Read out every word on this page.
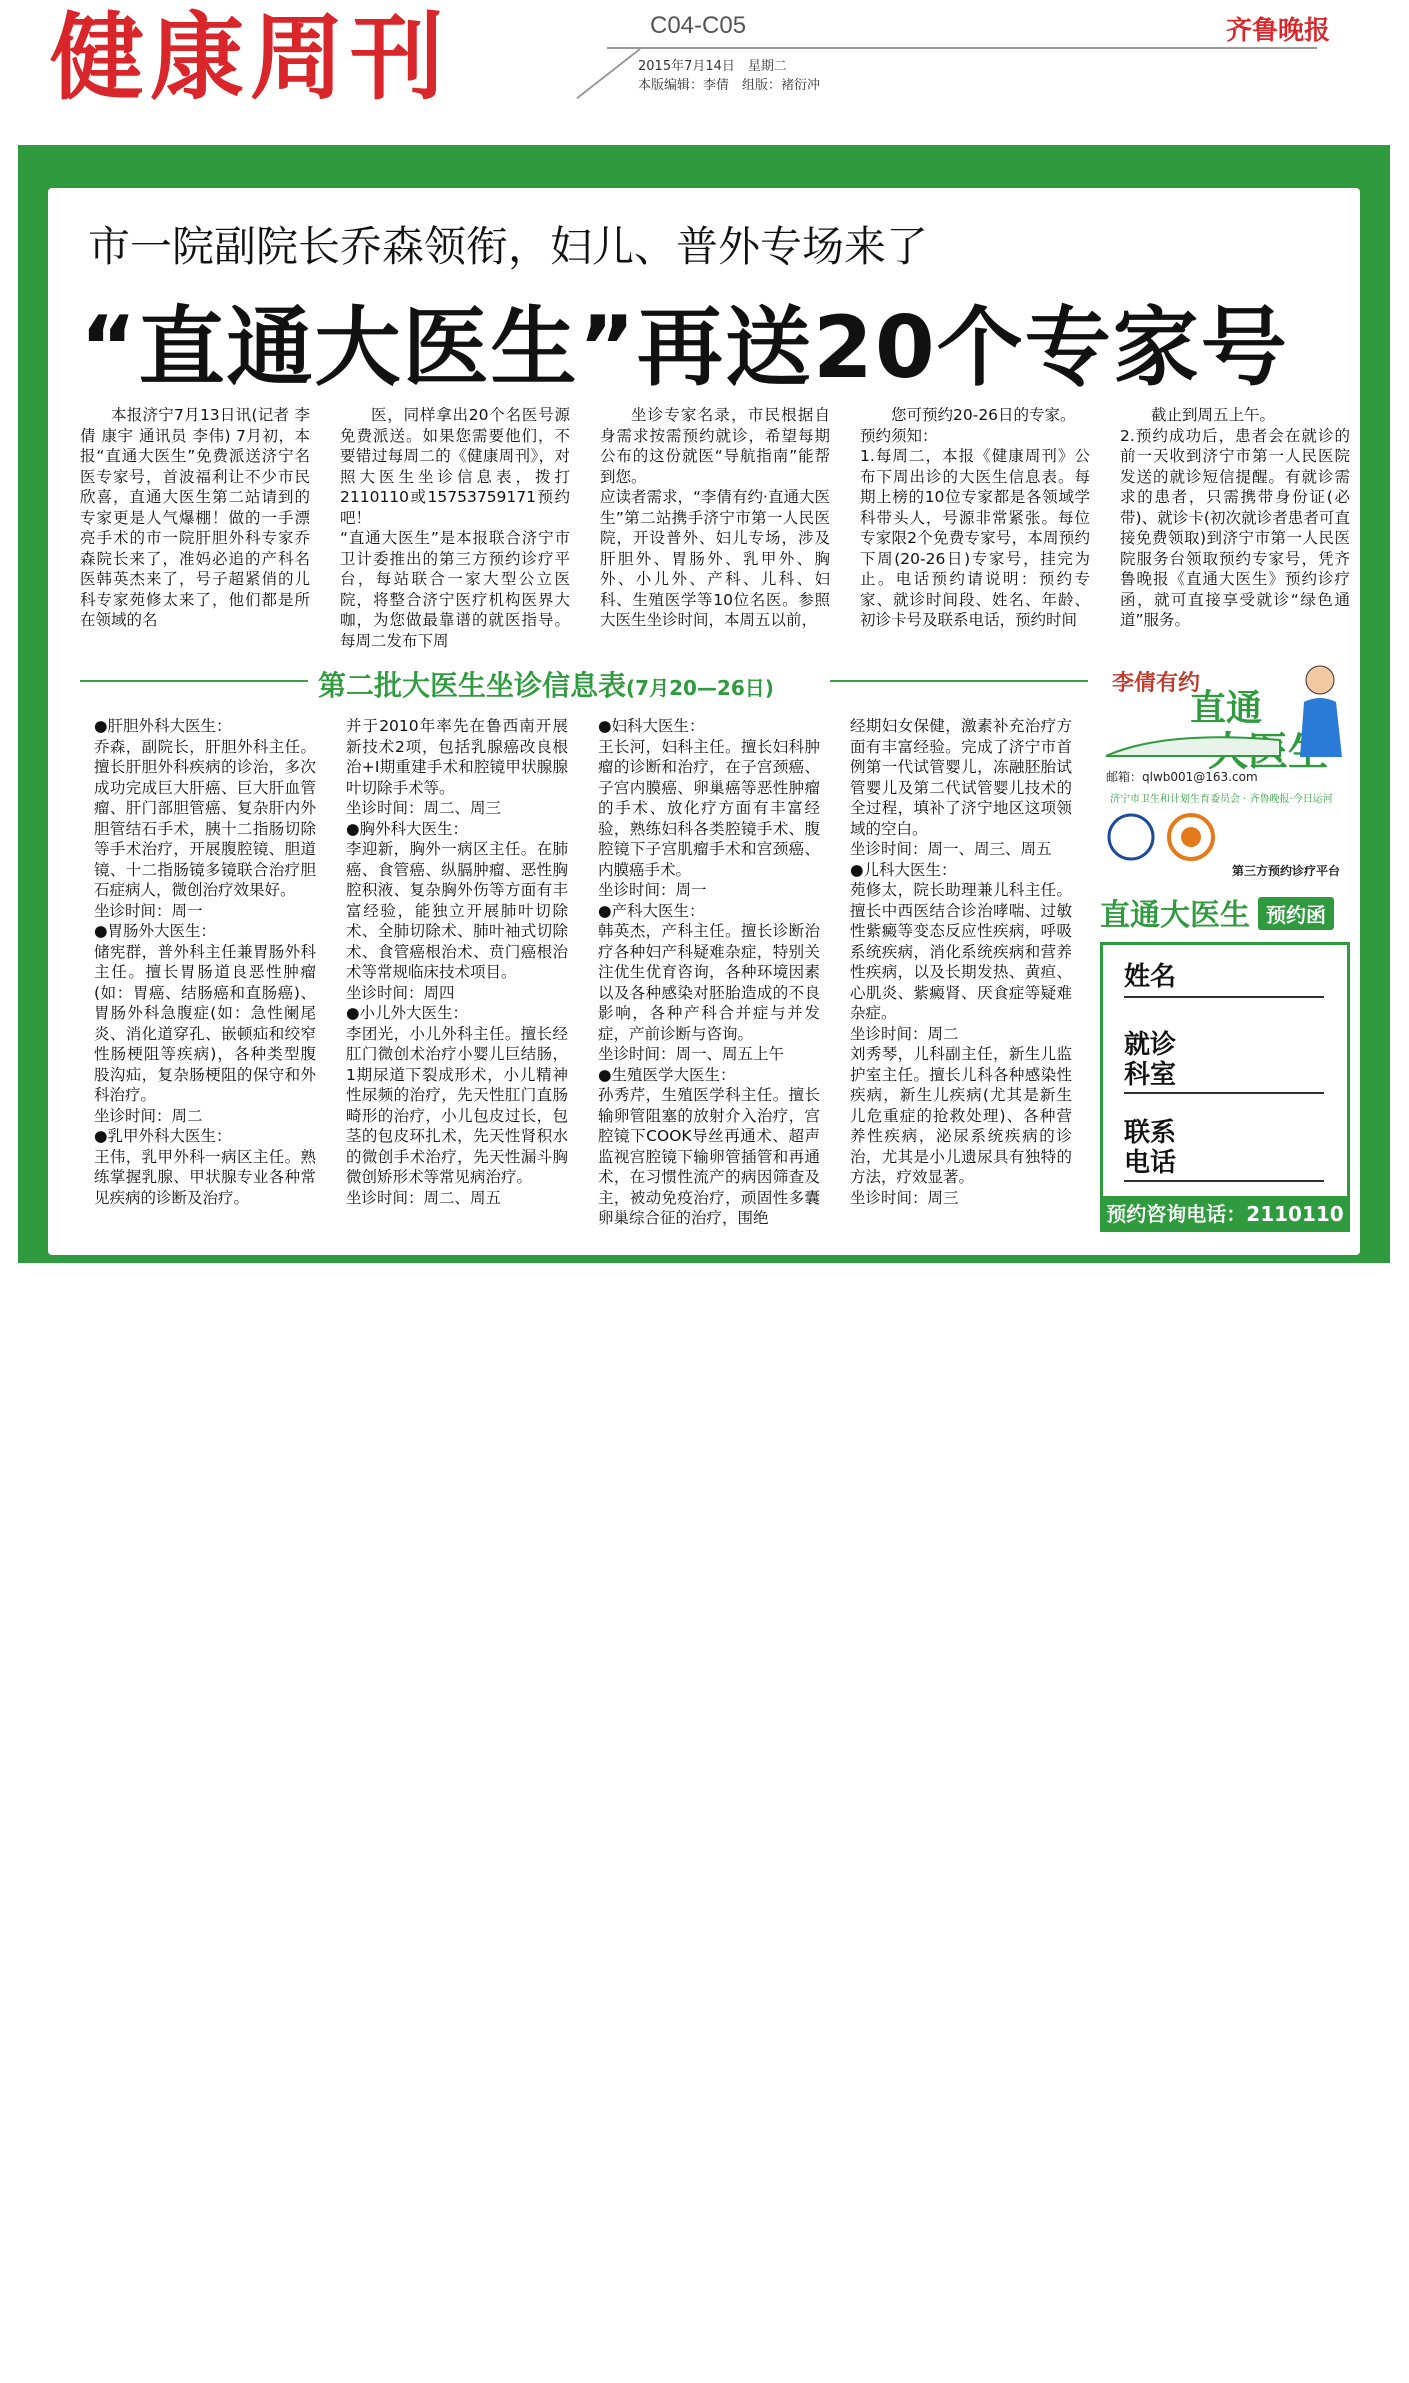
健康周刊	C04-C05
2015年7月14日　星期二
本版编辑：李倩　组版：褚衍冲
齐鲁晚报
市一院副院长乔森领衔，妇儿、普外专场来了
“直通大医生”再送20个专家号
本报济宁7月13日讯(记者 李倩 康宇 通讯员 李伟) 7月初，本报“直通大医生”免费派送济宁名医专家号，首波福利让不少市民欣喜，直通大医生第二站请到的专家更是人气爆棚！做的一手漂亮手术的市一院肝胆外科专家乔森院长来了，准妈必追的产科名医韩英杰来了，号子超紧俏的儿科专家苑修太来了，他们都是所在领域的名
医，同样拿出20个名医号源免费派送。如果您需要他们，不要错过每周二的《健康周刊》，对照大医生坐诊信息表，拨打2110110或15753759171预约吧！
“直通大医生”是本报联合济宁市卫计委推出的第三方预约诊疗平台，每站联合一家大型公立医院，将整合济宁医疗机构医界大咖，为您做最靠谱的就医指导。每周二发布下周
坐诊专家名录，市民根据自身需求按需预约就诊，希望每期公布的这份就医“导航指南”能帮到您。
应读者需求，“李倩有约·直通大医生”第二站携手济宁市第一人民医院，开设普外、妇儿专场，涉及肝胆外、胃肠外、乳甲外、胸外、小儿外、产科、儿科、妇科、生殖医学等10位名医。参照大医生坐诊时间，本周五以前，
您可预约20-26日的专家。
预约须知：
1.每周二，本报《健康周刊》公布下周出诊的大医生信息表。每期上榜的10位专家都是各领域学科带头人，号源非常紧张。每位专家限2个免费专家号，本周预约下周(20-26日)专家号，挂完为止。电话预约请说明：预约专家、就诊时间段、姓名、年龄、初诊卡号及联系电话，预约时间
截止到周五上午。
2.预约成功后，患者会在就诊的前一天收到济宁市第一人民医院发送的就诊短信提醒。有就诊需求的患者，只需携带身份证(必带)、就诊卡(初次就诊者患者可直接免费领取)到济宁市第一人民医院服务台领取预约专家号，凭齐鲁晚报《直通大医生》预约诊疗函，就可直接享受就诊“绿色通道”服务。
第二批大医生坐诊信息表(7月20—26日)
●肝胆外科大医生：
乔森，副院长，肝胆外科主任。擅长肝胆外科疾病的诊治，多次成功完成巨大肝癌、巨大肝血管瘤、肝门部胆管癌、复杂肝内外胆管结石手术，胰十二指肠切除等手术治疗，开展腹腔镜、胆道镜、十二指肠镜多镜联合治疗胆石症病人，微创治疗效果好。
坐诊时间：周一
●胃肠外大医生：
储宪群，普外科主任兼胃肠外科主任。擅长胃肠道良恶性肿瘤(如：胃癌、结肠癌和直肠癌)、胃肠外科急腹症(如：急性阑尾炎、消化道穿孔、嵌顿疝和绞窄性肠梗阻等疾病)，各种类型腹股沟疝，复杂肠梗阻的保守和外科治疗。
坐诊时间：周二
●乳甲外科大医生：
王伟，乳甲外科一病区主任。熟练掌握乳腺、甲状腺专业各种常见疾病的诊断及治疗。
并于2010年率先在鲁西南开展新技术2项，包括乳腺癌改良根治+Ⅰ期重建手术和腔镜甲状腺腺叶切除手术等。
坐诊时间：周二、周三
●胸外科大医生：
李迎新，胸外一病区主任。在肺癌、食管癌、纵膈肿瘤、恶性胸腔积液、复杂胸外伤等方面有丰富经验，能独立开展肺叶切除术、全肺切除术、肺叶袖式切除术、食管癌根治术、贲门癌根治术等常规临床技术项目。
坐诊时间：周四
●小儿外大医生：
李团光，小儿外科主任。擅长经肛门微创术治疗小婴儿巨结肠，1期尿道下裂成形术，小儿精神性尿频的治疗，先天性肛门直肠畸形的治疗，小儿包皮过长，包茎的包皮环扎术，先天性肾积水的微创手术治疗，先天性漏斗胸微创矫形术等常见病治疗。
坐诊时间：周二、周五
●妇科大医生：
王长河，妇科主任。擅长妇科肿瘤的诊断和治疗，在子宫颈癌、子宫内膜癌、卵巢癌等恶性肿瘤的手术、放化疗方面有丰富经验，熟练妇科各类腔镜手术、腹腔镜下子宫肌瘤手术和宫颈癌、内膜癌手术。
坐诊时间：周一
●产科大医生：
韩英杰，产科主任。擅长诊断治疗各种妇产科疑难杂症，特别关注优生优育咨询，各种环境因素以及各种感染对胚胎造成的不良影响，各种产科合并症与并发症，产前诊断与咨询。
坐诊时间：周一、周五上午
●生殖医学大医生：
孙秀芹，生殖医学科主任。擅长输卵管阻塞的放射介入治疗，宫腔镜下COOK导丝再通术、超声监视宫腔镜下输卵管插管和再通术，在习惯性流产的病因筛查及主，被动免疫治疗，顽固性多囊卵巢综合征的治疗，围绝
经期妇女保健，激素补充治疗方面有丰富经验。完成了济宁市首例第一代试管婴儿，冻融胚胎试管婴儿及第二代试管婴儿技术的全过程，填补了济宁地区这项领域的空白。
坐诊时间：周一、周三、周五
●儿科大医生：
苑修太，院长助理兼儿科主任。擅长中西医结合诊治哮喘、过敏性紫癜等变态反应性疾病，呼吸系统疾病，消化系统疾病和营养性疾病，以及长期发热、黄疸、心肌炎、紫癜肾、厌食症等疑难杂症。
坐诊时间：周二
刘秀琴，儿科副主任，新生儿监护室主任。擅长儿科各种感染性疾病，新生儿疾病(尤其是新生儿危重症的抢救处理)、各种营养性疾病，泌尿系统疾病的诊治，尤其是小儿遗尿具有独特的方法，疗效显著。
坐诊时间：周三
李倩有约
直通
邮箱：qlwb001@163.com
济宁市卫生和计划生育委员会 · 齐鲁晚报·今日运河
第三方预约诊疗平台
直通大医生 预约函
姓名
就诊
科室
联系
电话
预约咨询电话：2110110
